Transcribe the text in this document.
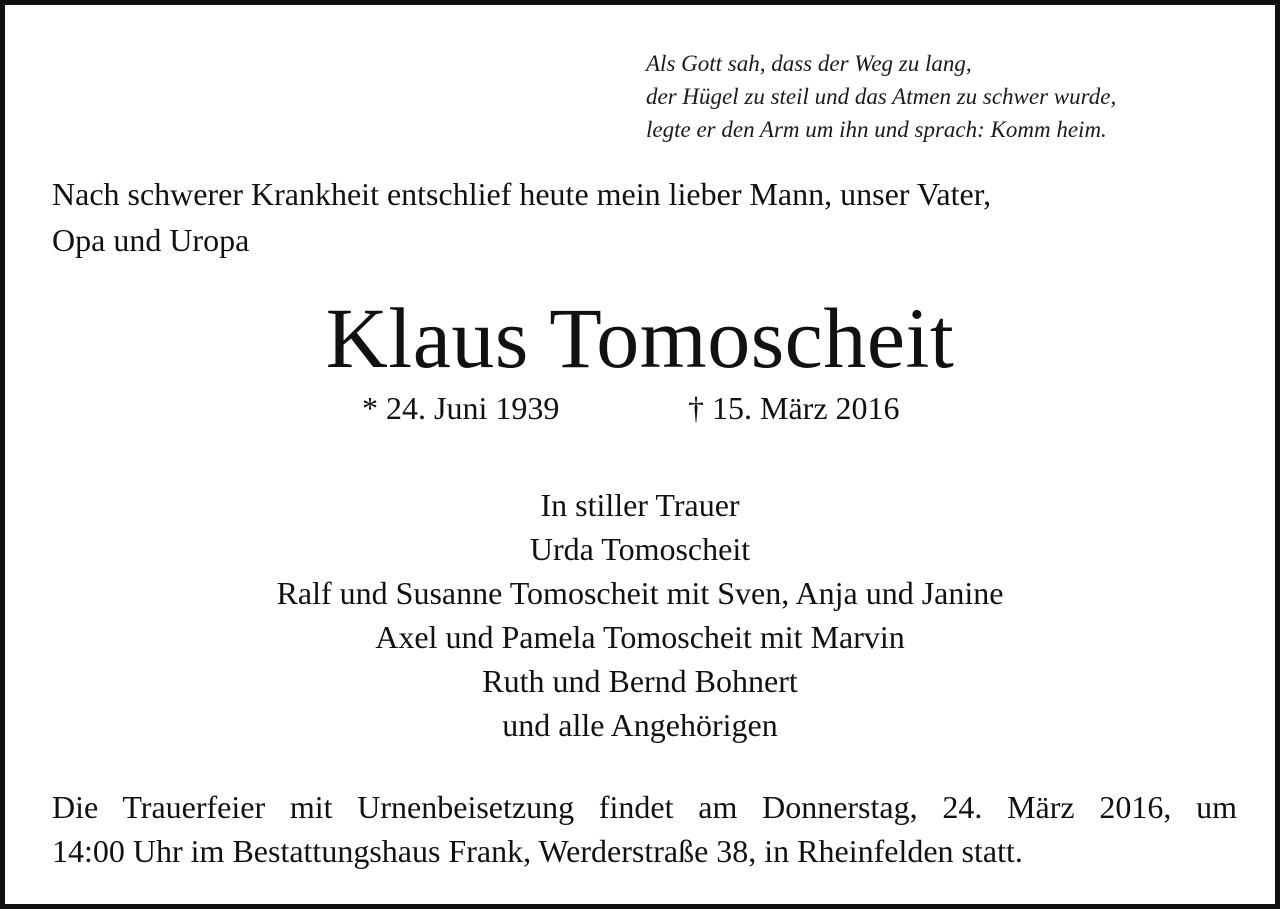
Als Gott sah, dass der Weg zu lang,
der Hügel zu steil und das Atmen zu schwer wurde,
legte er den Arm um ihn und sprach: Komm heim.
Nach schwerer Krankheit entschlief heute mein lieber Mann, unser Vater,
Opa und Uropa
Klaus Tomoscheit
* 24. Juni 1939	† 15. März 2016
In stiller Trauer
Urda Tomoscheit
Ralf und Susanne Tomoscheit mit Sven, Anja und Janine
Axel und Pamela Tomoscheit mit Marvin
Ruth und Bernd Bohnert
und alle Angehörigen
Die Trauerfeier mit Urnenbeisetzung findet am Donnerstag, 24. März 2016, um
14:00 Uhr im Bestattungshaus Frank, Werderstraße 38, in Rheinfelden statt.
